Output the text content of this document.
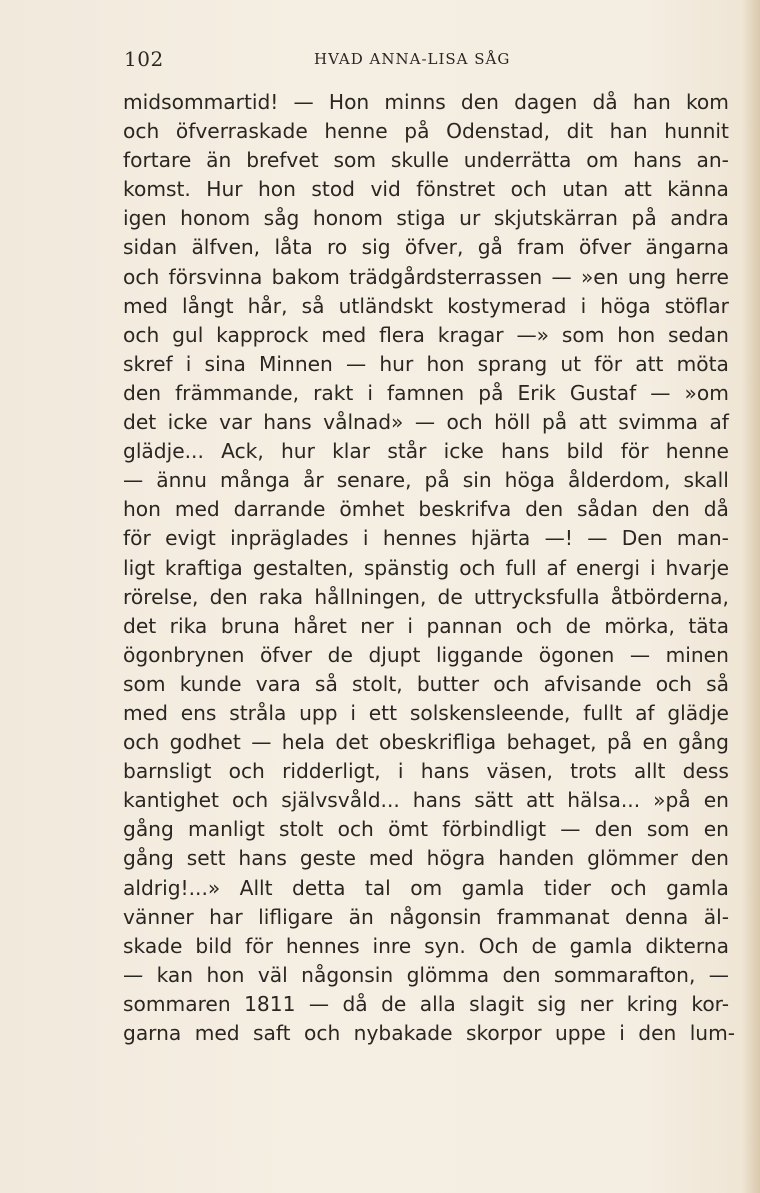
102	HVAD ANNA-LISA SÅG
midsommartid! — Hon minns den dagen då han kom
och öfverraskade henne på Odenstad, dit han hunnit
fortare än brefvet som skulle underrätta om hans an-
komst. Hur hon stod vid fönstret och utan att känna
igen honom såg honom stiga ur skjutskärran på andra
sidan älfven, låta ro sig öfver, gå fram öfver ängarna
och försvinna bakom trädgårdsterrassen — »en ung herre
med långt hår, så utländskt kostymerad i höga stöflar
och gul kapprock med flera kragar —» som hon sedan
skref i sina Minnen — hur hon sprang ut för att möta
den främmande, rakt i famnen på Erik Gustaf — »om
det icke var hans vålnad» — och höll på att svimma af
glädje... Ack, hur klar står icke hans bild för henne
— ännu många år senare, på sin höga ålderdom, skall
hon med darrande ömhet beskrifva den sådan den då
för evigt inpräglades i hennes hjärta —! — Den man-
ligt kraftiga gestalten, spänstig och full af energi i hvarje
rörelse, den raka hållningen, de uttrycksfulla åtbörderna,
det rika bruna håret ner i pannan och de mörka, täta
ögonbrynen öfver de djupt liggande ögonen — minen
som kunde vara så stolt, butter och afvisande och så
med ens stråla upp i ett solskensleende, fullt af glädje
och godhet — hela det obeskrifliga behaget, på en gång
barnsligt och ridderligt, i hans väsen, trots allt dess
kantighet och självsvåld... hans sätt att hälsa... »på en
gång manligt stolt och ömt förbindligt — den som en
gång sett hans geste med högra handen glömmer den
aldrig!...» Allt detta tal om gamla tider och gamla
vänner har lifligare än någonsin frammanat denna äl-
skade bild för hennes inre syn. Och de gamla dikterna
— kan hon väl någonsin glömma den sommarafton, —
sommaren 1811 — då de alla slagit sig ner kring kor-
garna med saft och nybakade skorpor uppe i den lum-
